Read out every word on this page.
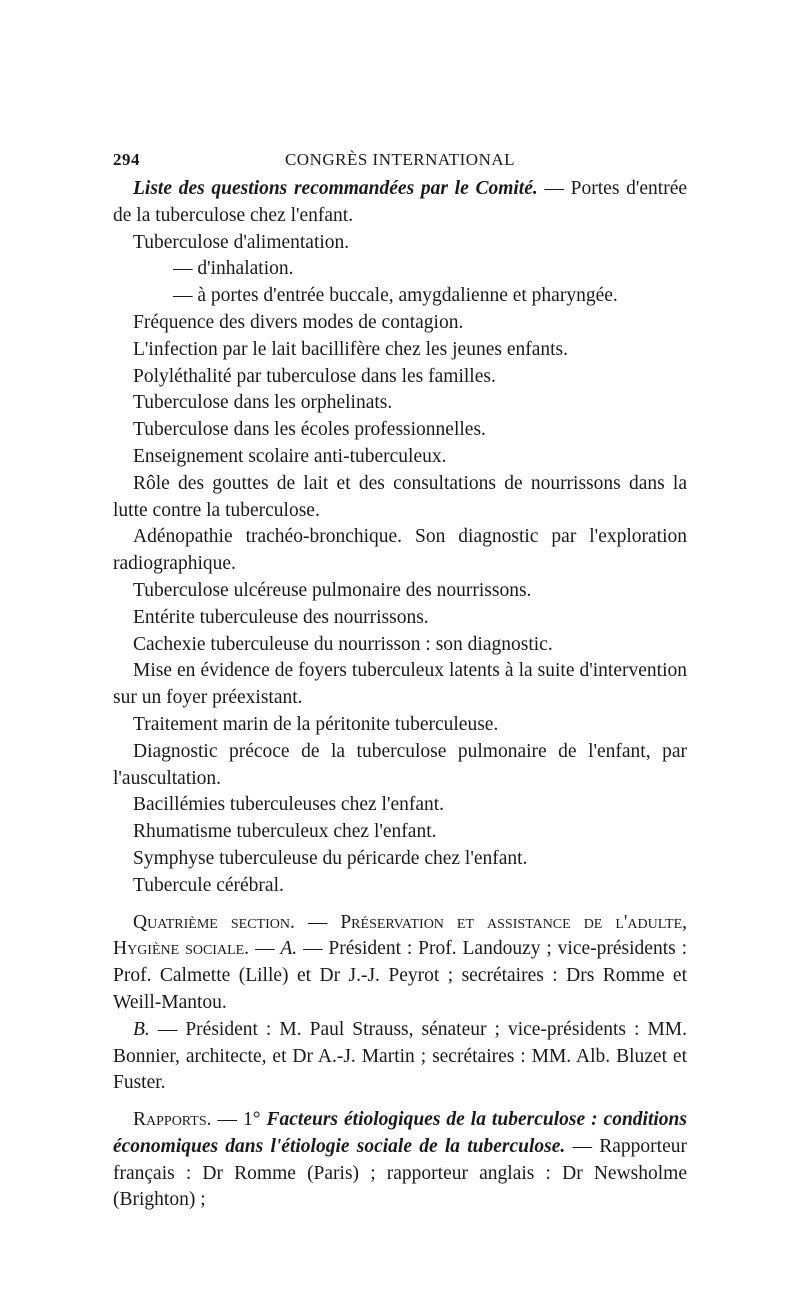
294	CONGRÈS INTERNATIONAL

Liste des questions recommandées par le Comité. — Portes d'entrée de la tuberculose chez l'enfant.

Tuberculose d'alimentation.

— d'inhalation.

— à portes d'entrée buccale, amygdalienne et pharyngée.

Fréquence des divers modes de contagion.

L'infection par le lait bacillifère chez les jeunes enfants.

Polyléthalité par tuberculose dans les familles.

Tuberculose dans les orphelinats.

Tuberculose dans les écoles professionnelles.

Enseignement scolaire anti-tuberculeux.

Rôle des gouttes de lait et des consultations de nourrissons dans la lutte contre la tuberculose.

Adénopathie trachéo-bronchique. Son diagnostic par l'exploration radiographique.

Tuberculose ulcéreuse pulmonaire des nourrissons.

Entérite tuberculeuse des nourrissons.

Cachexie tuberculeuse du nourrisson : son diagnostic.

Mise en évidence de foyers tuberculeux latents à la suite d'intervention sur un foyer préexistant.

Traitement marin de la péritonite tuberculeuse.

Diagnostic précoce de la tuberculose pulmonaire de l'enfant, par l'auscultation.

Bacillémies tuberculeuses chez l'enfant.

Rhumatisme tuberculeux chez l'enfant.

Symphyse tuberculeuse du péricarde chez l'enfant.

Tubercule cérébral.

Quatrième section. — Préservation et assistance de l'adulte, Hygiène sociale. — A. — Président : Prof. Landouzy ; vice-présidents : Prof. Calmette (Lille) et Dr J.-J. Peyrot ; secrétaires : Drs Romme et Weill-Mantou.

B. — Président : M. Paul Strauss, sénateur ; vice-présidents : MM. Bonnier, architecte, et Dr A.-J. Martin ; secrétaires : MM. Alb. Bluzet et Fuster.

Rapports. — 1° Facteurs étiologiques de la tuberculose : conditions économiques dans l'étiologie sociale de la tuberculose. — Rapporteur français : Dr Romme (Paris) ; rapporteur anglais : Dr Newsholme (Brighton) ;
